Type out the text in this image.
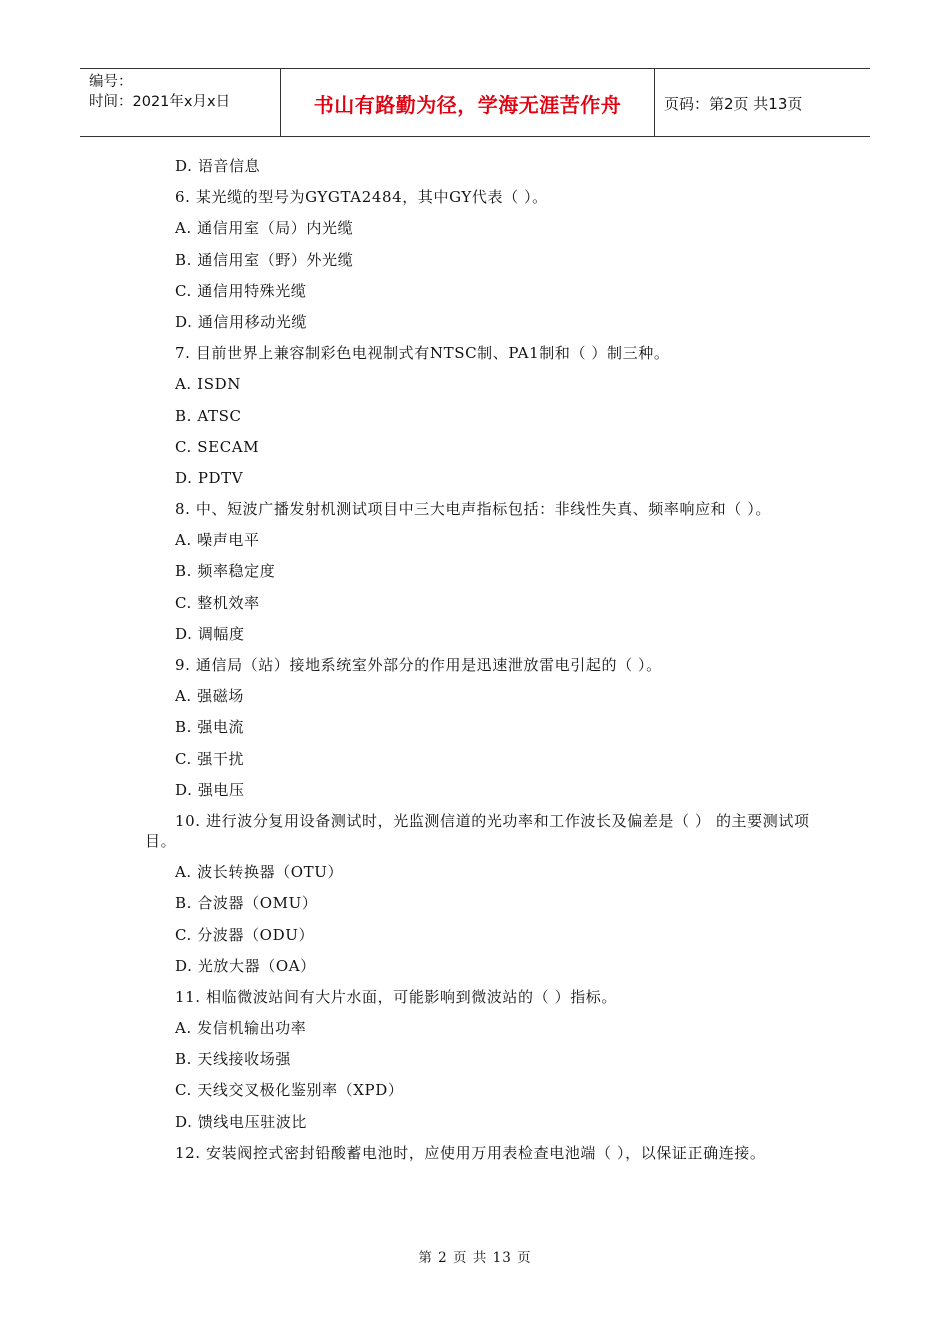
编号：
时间：2021年x月x日	书山有路勤为径，学海无涯苦作舟	页码：第2页 共13页
D. 语音信息
6. 某光缆的型号为GYGTA2484，其中GY代表（ ）。
A. 通信用室（局）内光缆
B. 通信用室（野）外光缆
C. 通信用特殊光缆
D. 通信用移动光缆
7. 目前世界上兼容制彩色电视制式有NTSC制、PA1制和（ ）制三种。
A. ISDN
B. ATSC
C. SECAM
D. PDTV
8. 中、短波广播发射机测试项目中三大电声指标包括：非线性失真、频率响应和（ ）。
A. 噪声电平
B. 频率稳定度
C. 整机效率
D. 调幅度
9. 通信局（站）接地系统室外部分的作用是迅速泄放雷电引起的（ ）。
A. 强磁场
B. 强电流
C. 强干扰
D. 强电压
10. 进行波分复用设备测试时，光监测信道的光功率和工作波长及偏差是（ ） 的主要测试项目。
A. 波长转换器（OTU）
B. 合波器（OMU）
C. 分波器（ODU）
D. 光放大器（OA）
11. 相临微波站间有大片水面，可能影响到微波站的（ ）指标。
A. 发信机输出功率
B. 天线接收场强
C. 天线交叉极化鉴别率（XPD）
D. 馈线电压驻波比
12. 安装阀控式密封铅酸蓄电池时，应使用万用表检查电池端（ ），以保证正确连接。
第 2 页 共 13 页
